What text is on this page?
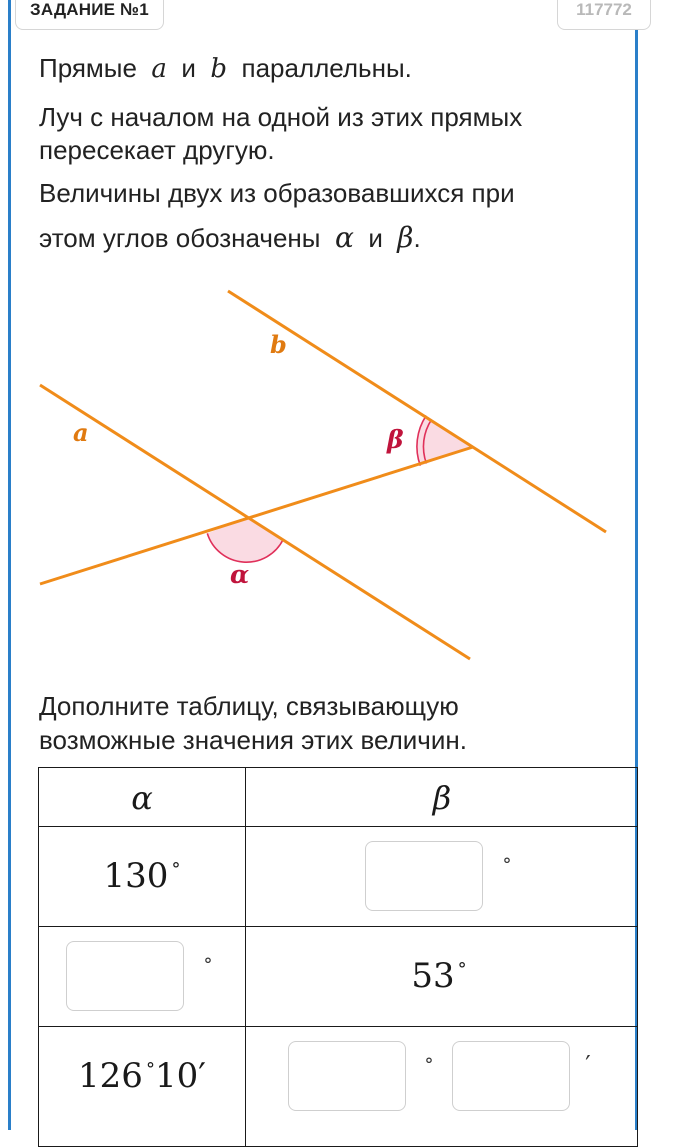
ЗАДАНИЕ №1	117772
Прямые a и b параллельны.
Луч с началом на одной из этих прямых
пересекает другую.
Величины двух из образовавшихся при
этом углов обозначены α и β.
a
b
α
β
Дополните таблицу, связывающую
возможные значения этих величин.
α	β
130 °	°
°	53 °
126 °10′	°	′
